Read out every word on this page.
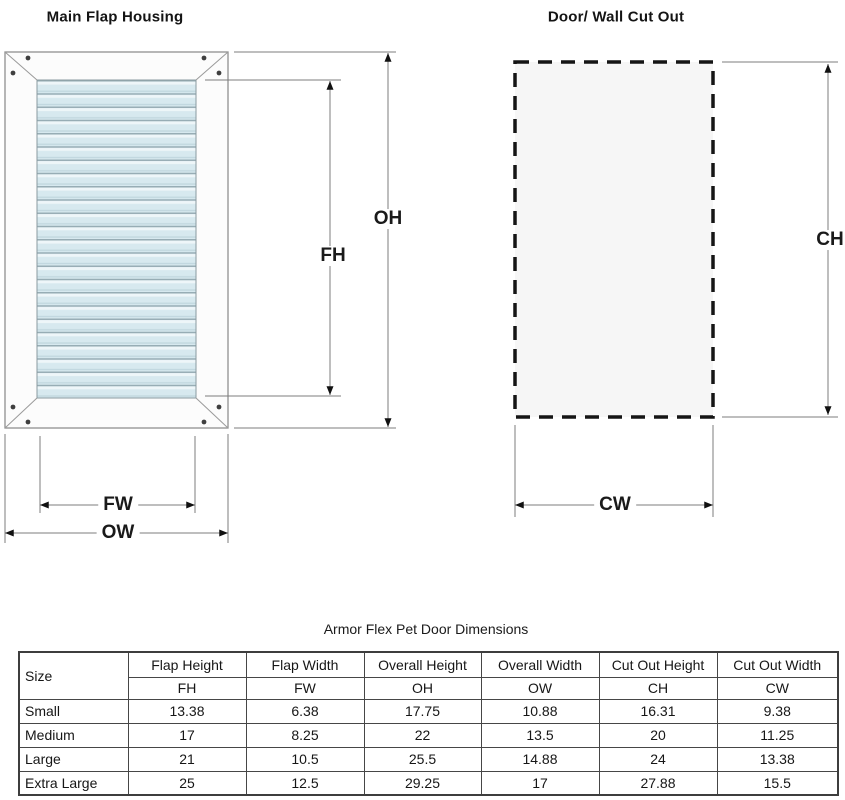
Main Flap Housing	Door/ Wall Cut Out
FH
OH
FW
OW
CH
CW
Armor Flex Pet Door Dimensions
Size	Flap Height	Flap Width	Overall Height	Overall Width	Cut Out Height	Cut Out Width
	FH	FW	OH	OW	CH	CW
Small	13.38	6.38	17.75	10.88	16.31	9.38
Medium	17	8.25	22	13.5	20	11.25
Large	21	10.5	25.5	14.88	24	13.38
Extra Large	25	12.5	29.25	17	27.88	15.5
